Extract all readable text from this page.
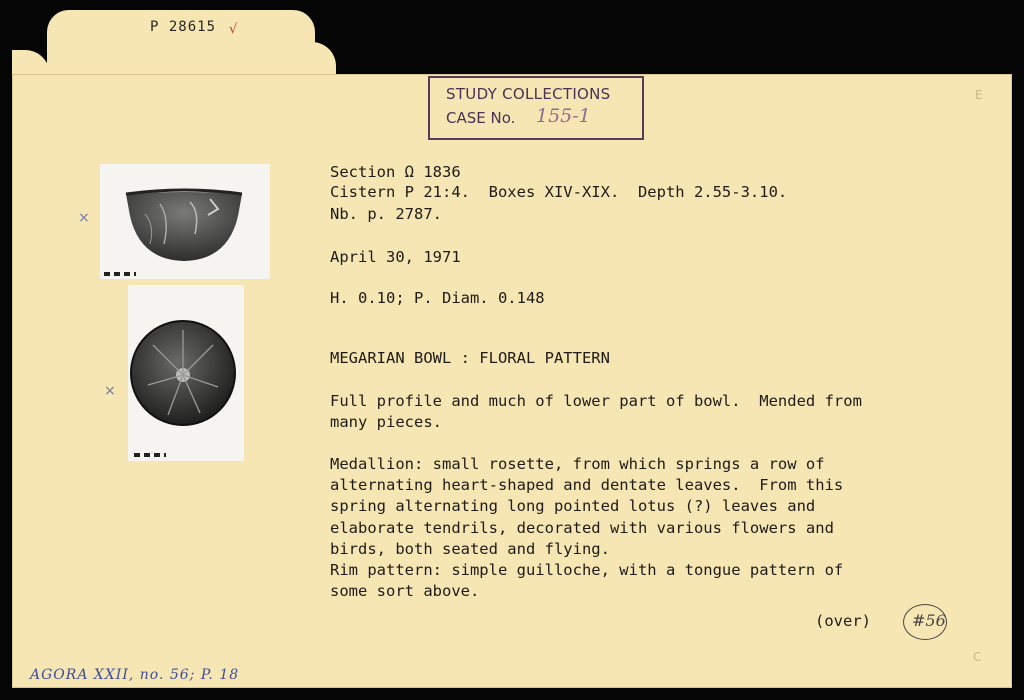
P 28615 √
STUDY COLLECTIONS
CASE No. 155-1
×
×
Section Ω 1836
Cistern P 21:4.  Boxes XIV-XIX.  Depth 2.55-3.10.
Nb. p. 2787.
April 30, 1971
H. 0.10; P. Diam. 0.148
MEGARIAN BOWL : FLORAL PATTERN
Full profile and much of lower part of bowl.  Mended from
many pieces.
Medallion: small rosette, from which springs a row of
alternating heart-shaped and dentate leaves.  From this
spring alternating long pointed lotus (?) leaves and
elaborate tendrils, decorated with various flowers and
birds, both seated and flying.
Rim pattern: simple guilloche, with a tongue pattern of
some sort above.
(over)	#56
AGORA XXII, no. 56; P. 18
E
C
